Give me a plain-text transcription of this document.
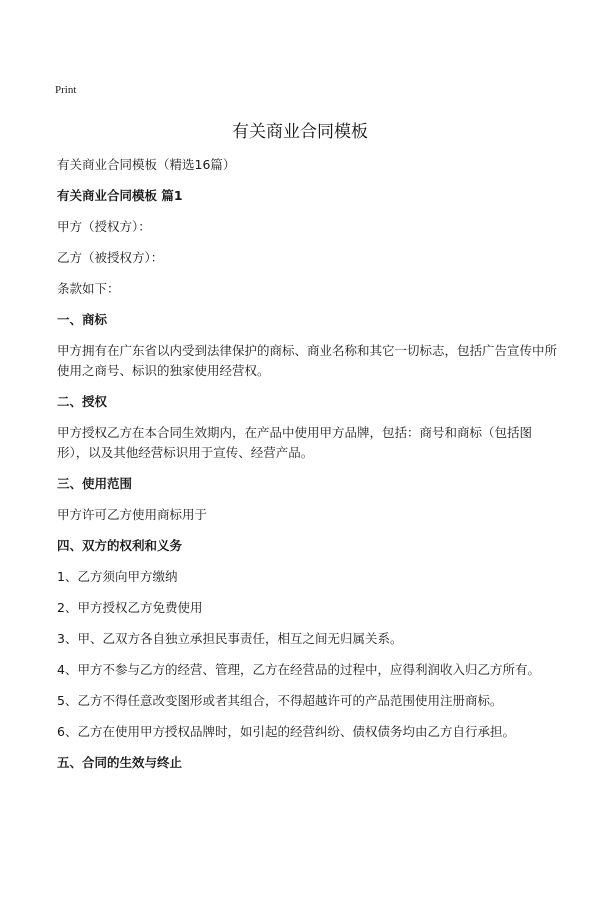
Print
有关商业合同模板

有关商业合同模板（精选16篇）

有关商业合同模板 篇1

甲方（授权方）：

乙方（被授权方）：

条款如下：

一、商标

甲方拥有在广东省以内受到法律保护的商标、商业名称和其它一切标志，包括广告宣传中所使用之商号、标识的独家使用经营权。

二、授权

甲方授权乙方在本合同生效期内，在产品中使用甲方品牌，包括：商号和商标（包括图形），以及其他经营标识用于宣传、经营产品。

三、使用范围

甲方许可乙方使用商标用于

四、双方的权利和义务

1、乙方须向甲方缴纳

2、甲方授权乙方免费使用

3、甲、乙双方各自独立承担民事责任，相互之间无归属关系。

4、甲方不参与乙方的经营、管理，乙方在经营品的过程中，应得利润收入归乙方所有。

5、乙方不得任意改变图形或者其组合，不得超越许可的产品范围使用注册商标。

6、乙方在使用甲方授权品牌时，如引起的经营纠纷、债权债务均由乙方自行承担。

五、合同的生效与终止
